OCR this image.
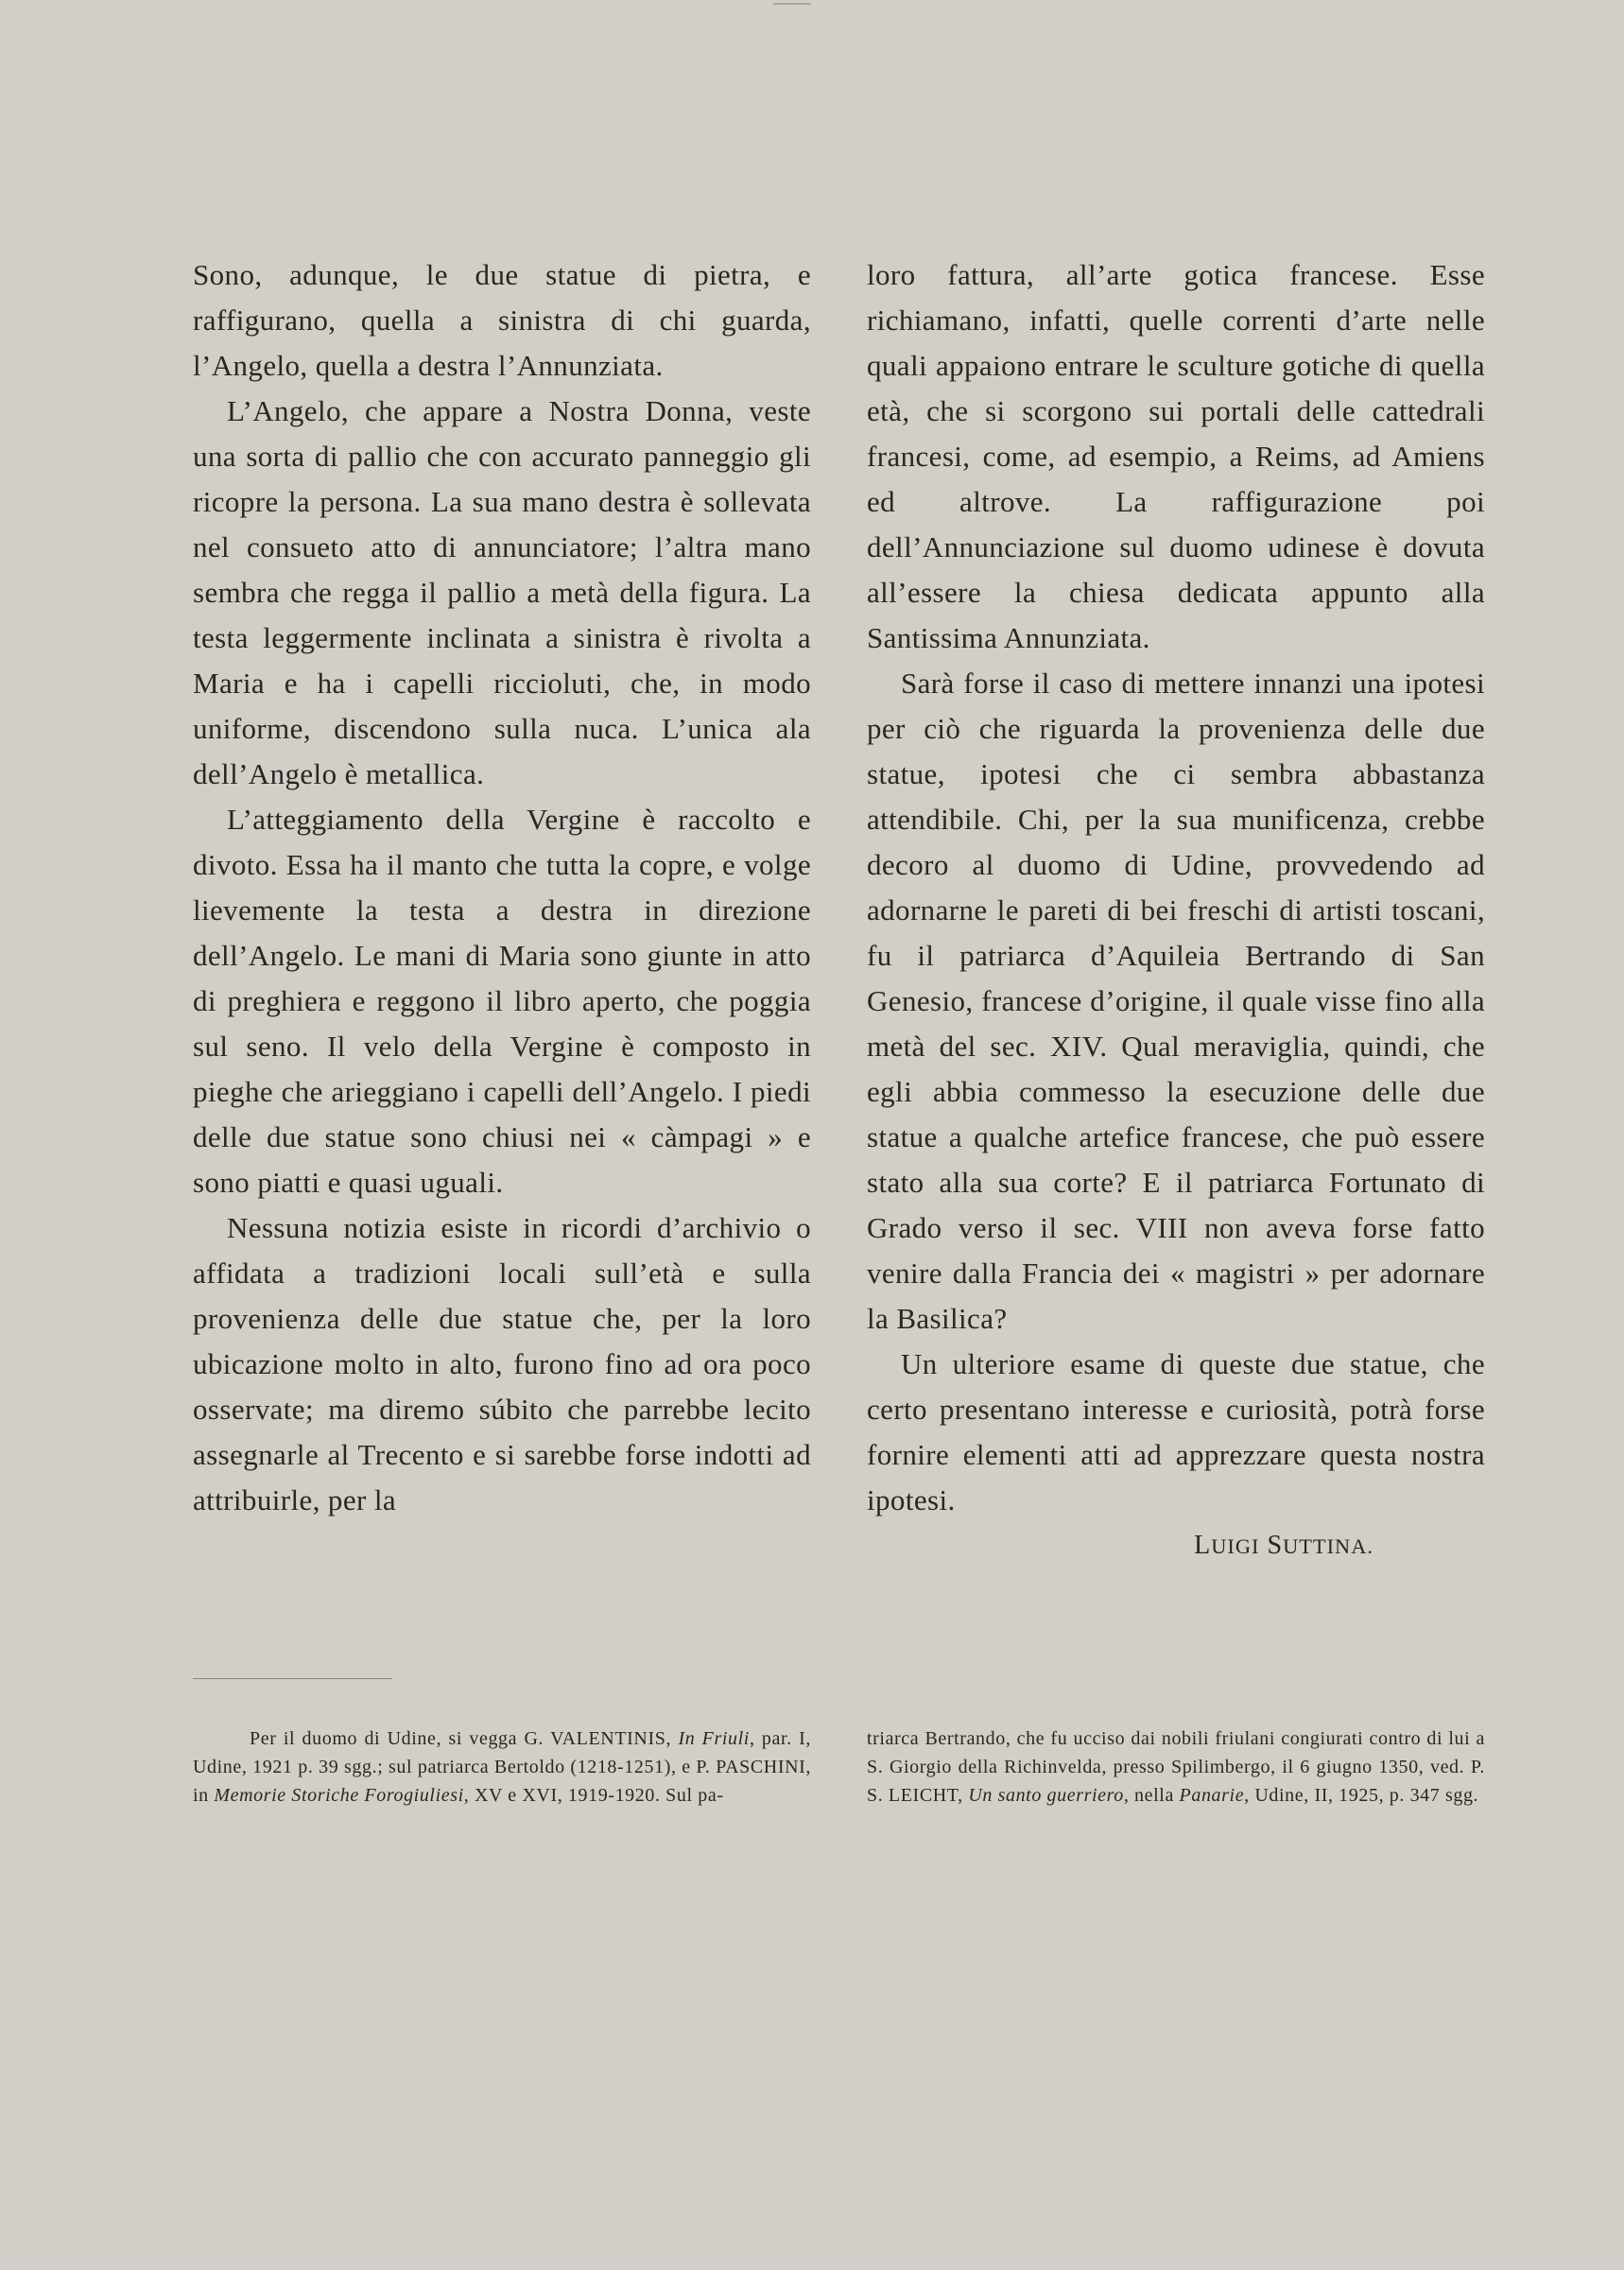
Sono, adunque, le due statue di pietra, e raffigurano, quella a sinistra di chi guarda, l’Angelo, quella a destra l’Annunziata.

L’Angelo, che appare a Nostra Donna, veste una sorta di pallio che con accurato panneggio gli ricopre la persona. La sua mano destra è sollevata nel consueto atto di annunciatore; l’altra mano sembra che regga il pallio a metà della figura. La testa leggermente inclinata a sinistra è rivolta a Maria e ha i capelli riccioluti, che, in modo uniforme, discendono sulla nuca. L’unica ala dell’Angelo è metallica.

L’atteggiamento della Vergine è raccolto e divoto. Essa ha il manto che tutta la copre, e volge lievemente la testa a destra in direzione dell’Angelo. Le mani di Maria sono giunte in atto di preghiera e reggono il libro aperto, che poggia sul seno. Il velo della Vergine è composto in pieghe che arieggiano i capelli dell’Angelo. I piedi delle due statue sono chiusi nei « càmpagi » e sono piatti e quasi uguali.

Nessuna notizia esiste in ricordi d’archivio o affidata a tradizioni locali sull’età e sulla provenienza delle due statue che, per la loro ubicazione molto in alto, furono fino ad ora poco osservate; ma diremo súbito che parrebbe lecito assegnarle al Trecento e si sarebbe forse indotti ad attribuirle, per la

loro fattura, all’arte gotica francese. Esse richiamano, infatti, quelle correnti d’arte nelle quali appaiono entrare le sculture gotiche di quella età, che si scorgono sui portali delle cattedrali francesi, come, ad esempio, a Reims, ad Amiens ed altrove. La raffigurazione poi dell’Annunciazione sul duomo udinese è dovuta all’essere la chiesa dedicata appunto alla Santissima Annunziata.

Sarà forse il caso di mettere innanzi una ipotesi per ciò che riguarda la provenienza delle due statue, ipotesi che ci sembra abbastanza attendibile. Chi, per la sua munificenza, crebbe decoro al duomo di Udine, provvedendo ad adornarne le pareti di bei freschi di artisti toscani, fu il patriarca d’Aquileia Bertrando di San Genesio, francese d’origine, il quale visse fino alla metà del sec. XIV. Qual meraviglia, quindi, che egli abbia commesso la esecuzione delle due statue a qualche artefice francese, che può essere stato alla sua corte? E il patriarca Fortunato di Grado verso il sec. VIII non aveva forse fatto venire dalla Francia dei « magistri » per adornare la Basilica?

Un ulteriore esame di queste due statue, che certo presentano interesse e curiosità, potrà forse fornire elementi atti ad apprezzare questa nostra ipotesi.

LUIGI SUTTINA.

Per il duomo di Udine, si vegga G. VALENTINIS, In Friuli, par. I, Udine, 1921 p. 39 sgg.; sul patriarca Bertoldo (1218-1251), e P. PASCHINI, in Memorie Storiche Forogiuliesi, XV e XVI, 1919-1920. Sul pa-

triarca Bertrando, che fu ucciso dai nobili friulani congiurati contro di lui a S. Giorgio della Richinvelda, presso Spilimbergo, il 6 giugno 1350, ved. P. S. LEICHT, Un santo guerriero, nella Panarie, Udine, II, 1925, p. 347 sgg.
